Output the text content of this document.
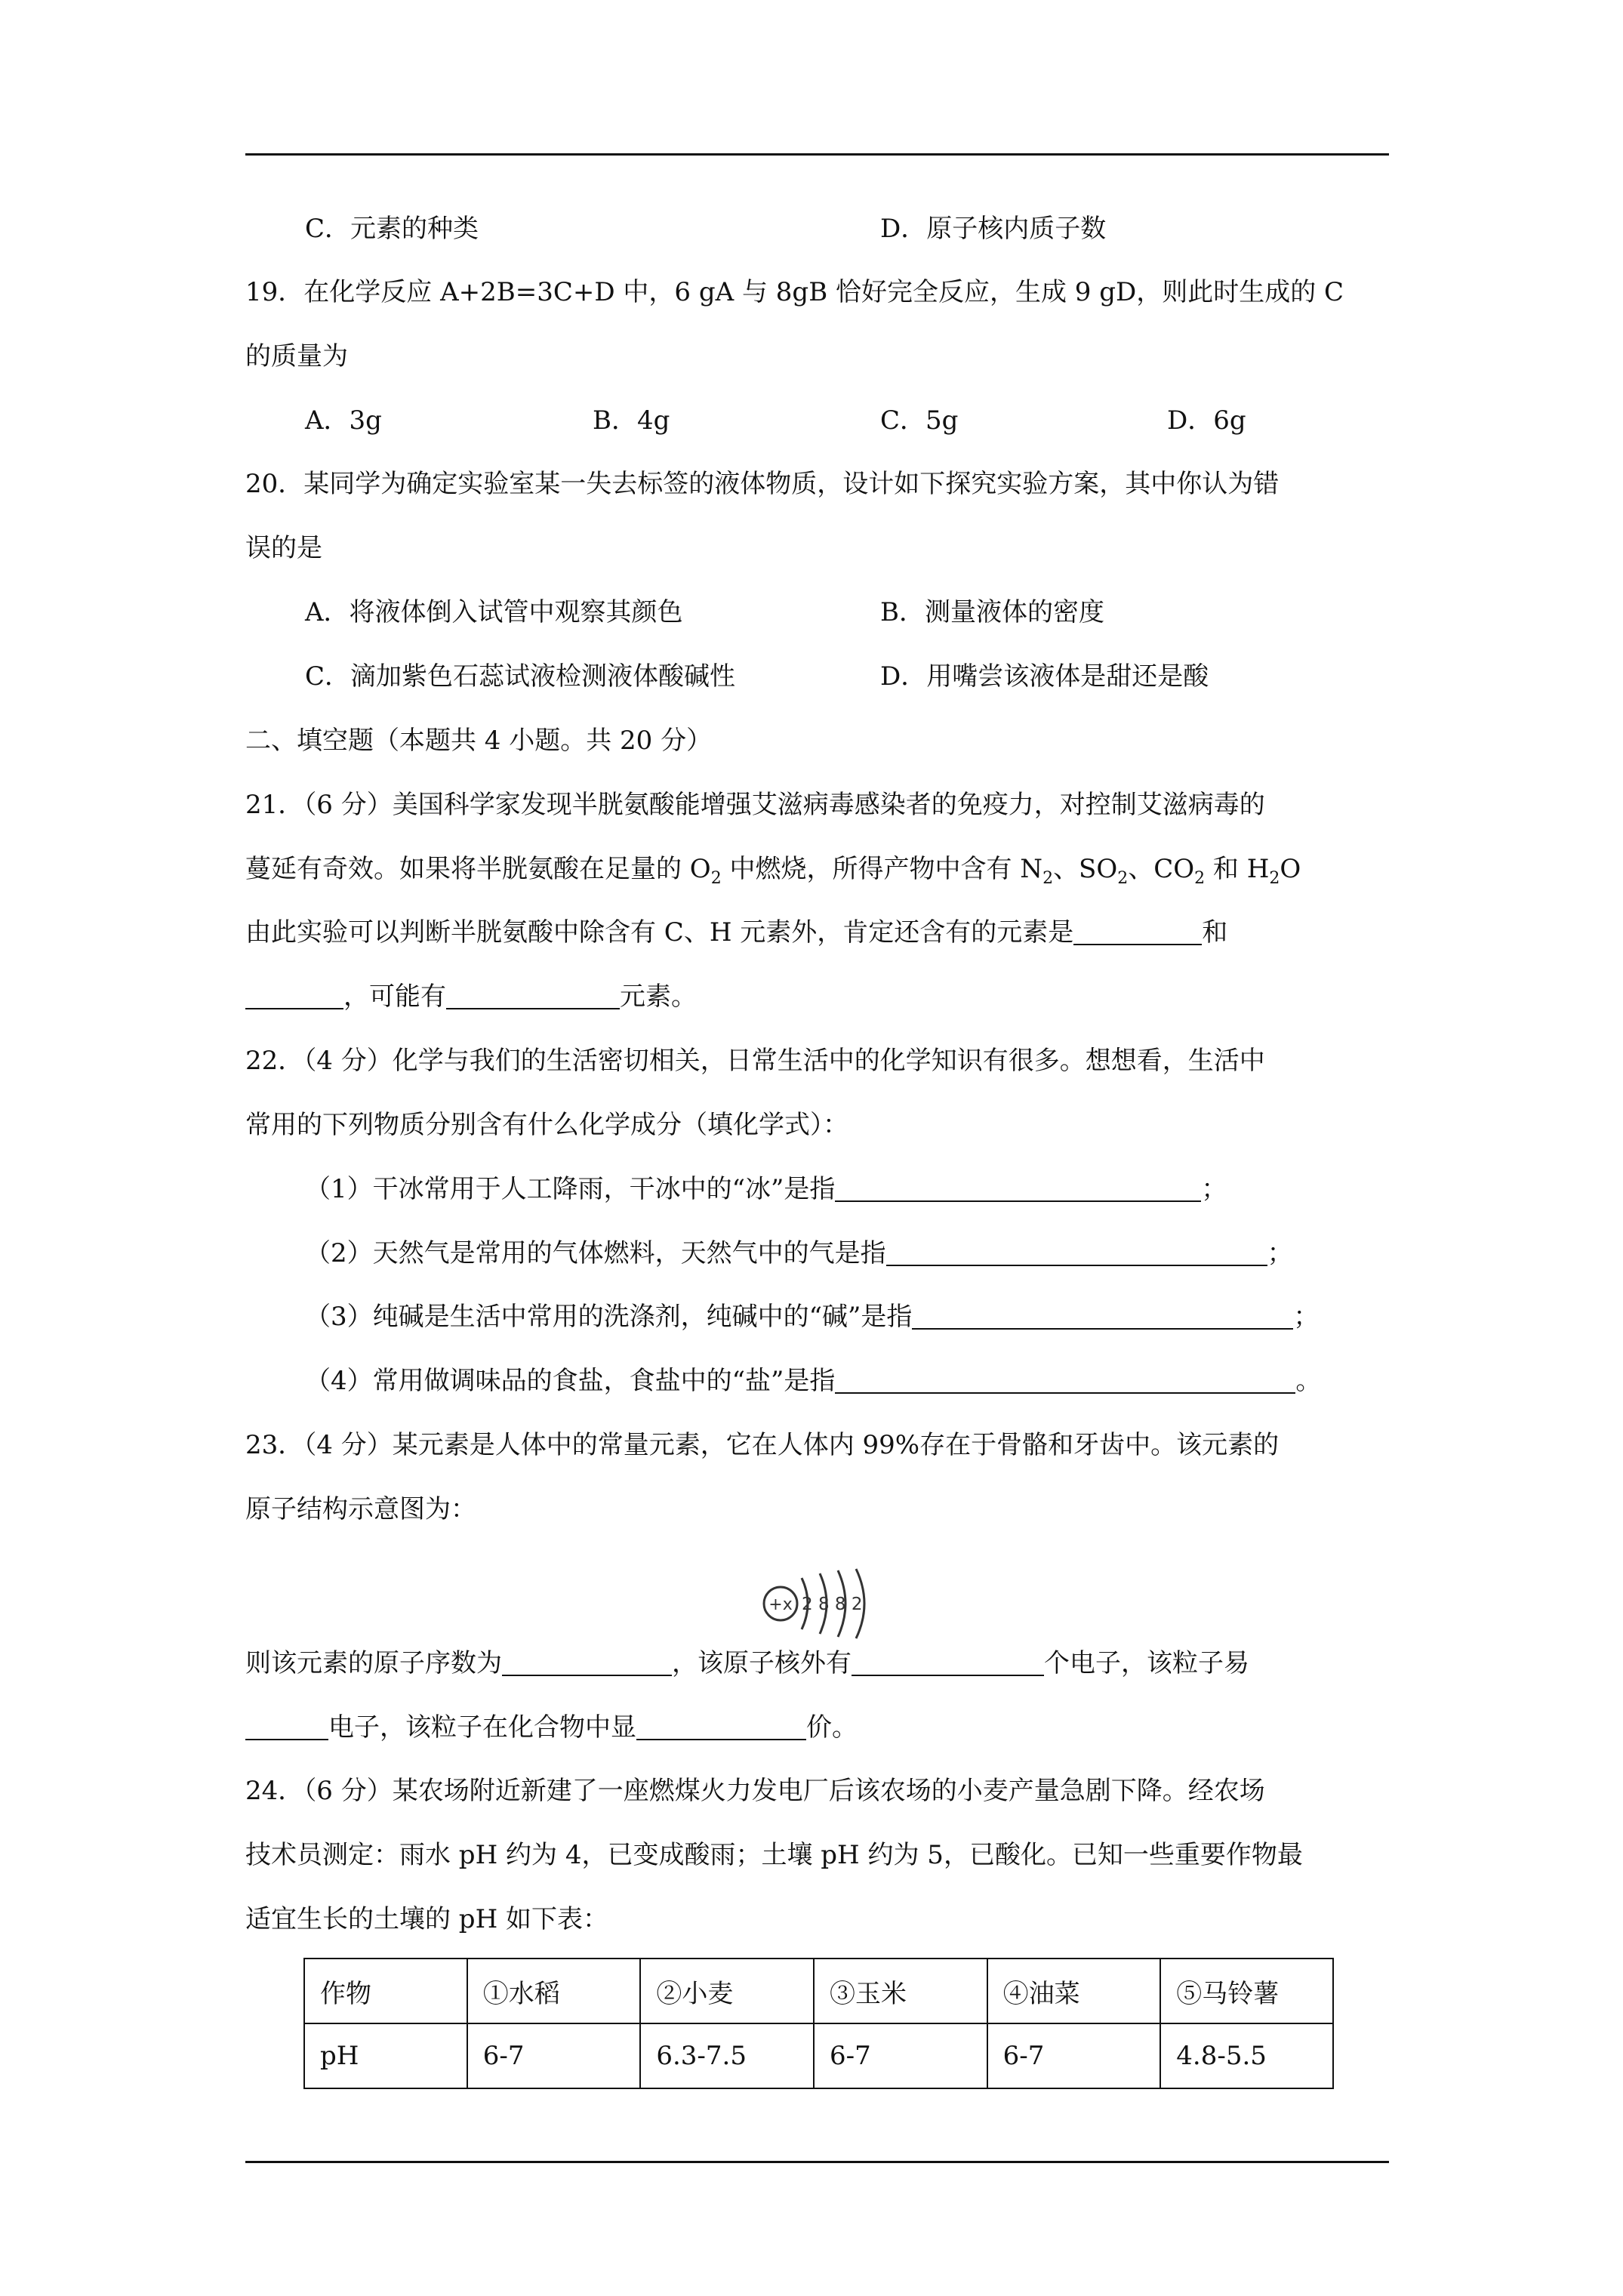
C．元素的种类	D．原子核内质子数
19．在化学反应 A+2B=3C+D 中，6 gA 与 8gB 恰好完全反应，生成 9 gD，则此时生成的 C
的质量为
A．3g	B．4g	C．5g	D．6g
20．某同学为确定实验室某一失去标签的液体物质，设计如下探究实验方案，其中你认为错
误的是
A．将液体倒入试管中观察其颜色	B．测量液体的密度
C．滴加紫色石蕊试液检测液体酸碱性	D．用嘴尝该液体是甜还是酸
二、填空题（本题共 4 小题。共 20 分）
21．（6 分）美国科学家发现半胱氨酸能增强艾滋病毒感染者的免疫力，对控制艾滋病毒的
蔓延有奇效。如果将半胱氨酸在足量的 $O_2$ 中燃烧，所得产物中含有 $N_2$、$SO_2$、$CO_2$ 和 $H_2O$
由此实验可以判断半胱氨酸中除含有 C、H 元素外，肯定还含有的元素是	和
，可能有	元素。
22．（4 分）化学与我们的生活密切相关，日常生活中的化学知识有很多。想想看，生活中
常用的下列物质分别含有什么化学成分（填化学式）：
（1）干冰常用于人工降雨，干冰中的“冰”是指	；
（2）天然气是常用的气体燃料，天然气中的气是指	；
（3）纯碱是生活中常用的洗涤剂，纯碱中的“碱”是指	；
（4）常用做调味品的食盐，食盐中的“盐”是指	。
23．（4 分）某元素是人体中的常量元素，它在人体内 99%存在于骨骼和牙齿中。该元素的
原子结构示意图为：
+x 2 8 8 2
则该元素的原子序数为	，该原子核外有	个电子，该粒子易
电子，该粒子在化合物中显	价。
24．（6 分）某农场附近新建了一座燃煤火力发电厂后该农场的小麦产量急剧下降。经农场
技术员测定：雨水 pH 约为 4，已变成酸雨；土壤 pH 约为 5，已酸化。已知一些重要作物最
适宜生长的土壤的 pH 如下表：
作物	①水稻	②小麦	③玉米	④油菜	⑤马铃薯
pH	6-7	6.3-7.5	6-7	6-7	4.8-5.5
